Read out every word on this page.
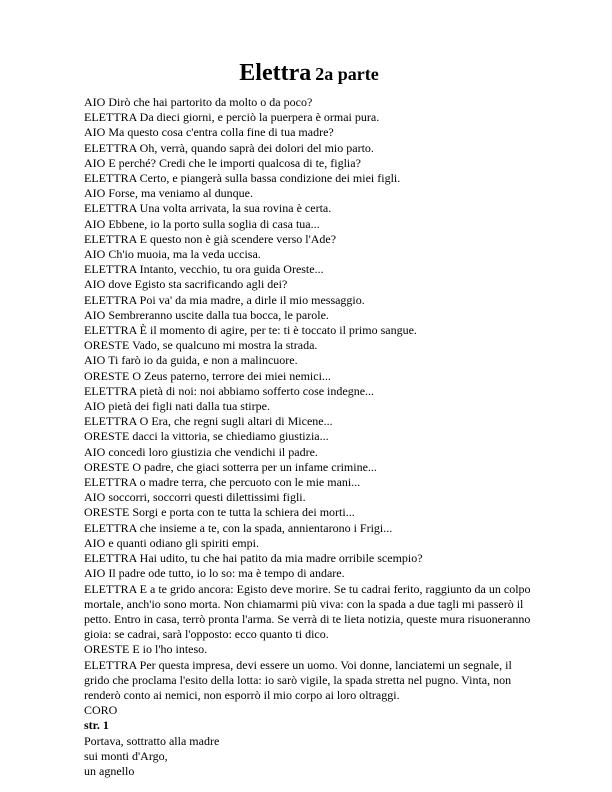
Elettra 2a parte
AIO Dirò che hai partorito da molto o da poco?
ELETTRA Da dieci giorni, e perciò la puerpera è ormai pura.
AIO Ma questo cosa c'entra colla fine di tua madre?
ELETTRA Oh, verrà, quando saprà dei dolori del mio parto.
AIO E perché? Credi che le importi qualcosa di te, figlia?
ELETTRA Certo, e piangerà sulla bassa condizione dei miei figli.
AIO Forse, ma veniamo al dunque.
ELETTRA Una volta arrivata, la sua rovina è certa.
AIO Ebbene, io la porto sulla soglia di casa tua...
ELETTRA E questo non è già scendere verso l'Ade?
AIO Ch'io muoia, ma la veda uccisa.
ELETTRA Intanto, vecchio, tu ora guida Oreste...
AIO dove Egisto sta sacrificando agli dei?
ELETTRA Poi va' da mia madre, a dirle il mio messaggio.
AIO Sembreranno uscite dalla tua bocca, le parole.
ELETTRA È il momento di agire, per te: ti è toccato il primo sangue.
ORESTE Vado, se qualcuno mi mostra la strada.
AIO Ti farò io da guida, e non a malincuore.
ORESTE O Zeus paterno, terrore dei miei nemici...
ELETTRA pietà di noi: noi abbiamo sofferto cose indegne...
AIO pietà dei figli nati dalla tua stirpe.
ELETTRA O Era, che regni sugli altari di Micene...
ORESTE dacci la vittoria, se chiediamo giustizia...
AIO concedi loro giustizia che vendichi il padre.
ORESTE O padre, che giaci sotterra per un infame crimine...
ELETTRA o madre terra, che percuoto con le mie mani...
AIO soccorri, soccorri questi dilettissimi figli.
ORESTE Sorgi e porta con te tutta la schiera dei morti...
ELETTRA che insieme a te, con la spada, annientarono i Frigi...
AIO e quanti odiano gli spiriti empi.
ELETTRA Hai udito, tu che hai patito da mia madre orribile scempio?
AIO Il padre ode tutto, io lo so: ma è tempo di andare.
ELETTRA E a te grido ancora: Egisto deve morire. Se tu cadrai ferito, raggiunto da un colpo mortale, anch'io sono morta. Non chiamarmi più viva: con la spada a due tagli mi passerò il petto. Entro in casa, terrò pronta l'arma. Se verrà di te lieta notizia, queste mura risuoneranno gioia: se cadrai, sarà l'opposto: ecco quanto ti dico.
ORESTE E io l'ho inteso.
ELETTRA Per questa impresa, devi essere un uomo. Voi donne, lanciatemi un segnale, il grido che proclama l'esito della lotta: io sarò vigile, la spada stretta nel pugno. Vinta, non renderò conto ai nemici, non esporrò il mio corpo ai loro oltraggi.
CORO
str. 1
Portava, sottratto alla madre
sui monti d'Argo,
un agnello
